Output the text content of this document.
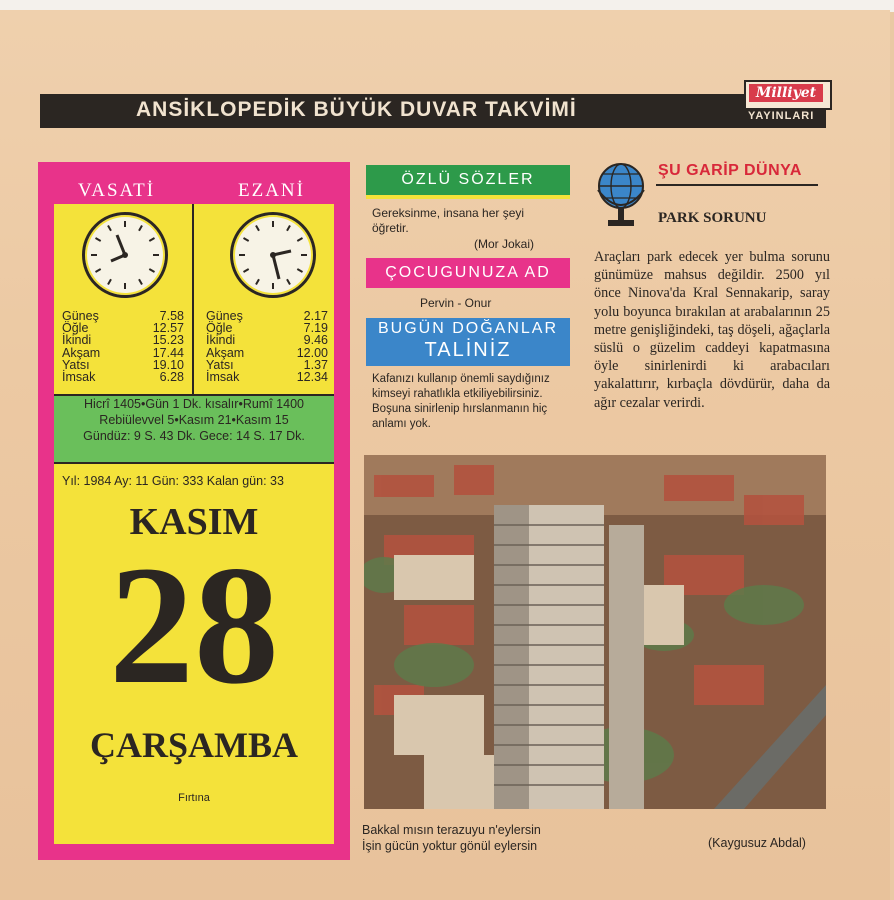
ANSİKLOPEDİK BÜYÜK DUVAR TAKVİMİ
Milliyet
YAYINLARI
VASATİ	EZANİ
Güneş	7.58
Öğle	12.57
İkindi	15.23
Akşam	17.44
Yatsı	19.10
İmsak	6.28
Güneş	2.17
Öğle	7.19
İkindi	9.46
Akşam	12.00
Yatsı	1.37
İmsak	12.34
Hicrî 1405•Gün 1 Dk. kısalır•Rumî 1400
Rebiülevvel 5•Kasım 21•Kasım 15
Gündüz: 9 S. 43 Dk. Gece: 14 S. 17 Dk.
Yıl: 1984 Ay: 11 Gün: 333 Kalan gün: 33
KASIM
28
ÇARŞAMBA
Fırtına
ÖZLÜ SÖZLER
Gereksinme, insana her şeyi öğretir.
(Mor Jokai)
ÇOCUGUNUZA AD
Pervin - Onur
BUGÜN DOĞANLAR
TALİNİZ
Kafanızı kullanıp önemli saydığınız kimseyi rahatlıkla etkiliyebilirsiniz. Boşuna sinirlenip hırslanmanın hiç anlamı yok.
ŞU GARİP DÜNYA
PARK SORUNU
Araçları park edecek yer bulma sorunu günümüze mahsus değildir. 2500 yıl önce Ninova'da Kral Sennakarip, saray yolu boyunca bırakılan at arabalarının 25 metre genişliğindeki, taş döşeli, ağaçlarla süslü o güzelim caddeyi kapatmasına öyle sinirlenirdi ki arabacıları yakalattırır, kırbaçla dövdürür, daha da ağır cezalar verirdi.
Bakkal mısın terazuyu n'eylersin
İşin gücün yoktur gönül eylersin	(Kaygusuz Abdal)
